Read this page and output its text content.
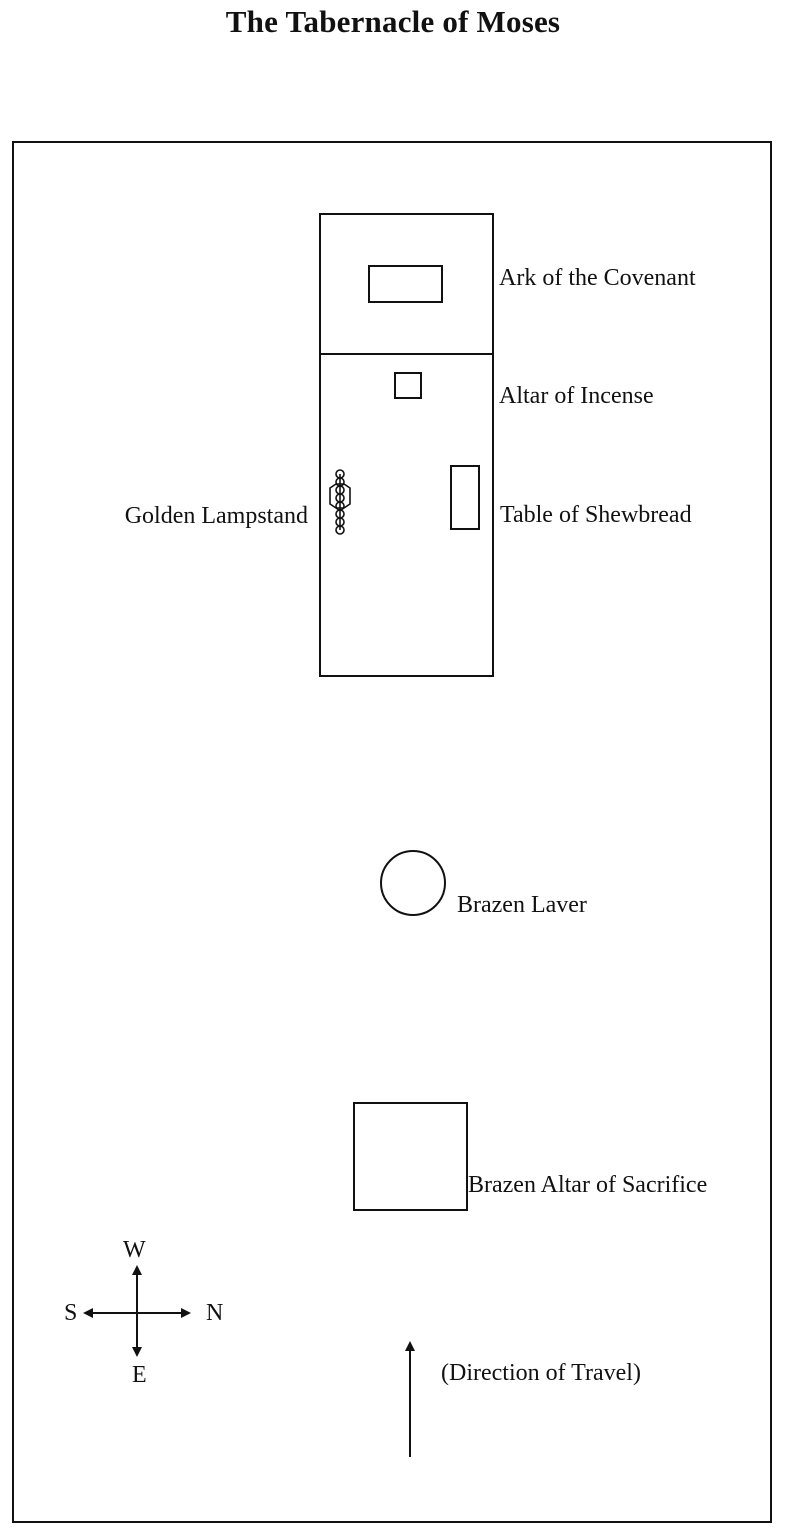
The Tabernacle of Moses
Ark of the Covenant
Altar of Incense
Table of Shewbread
Golden Lampstand
Brazen Laver
Brazen Altar of Sacrifice
W
E
S	N
(Direction of Travel)
